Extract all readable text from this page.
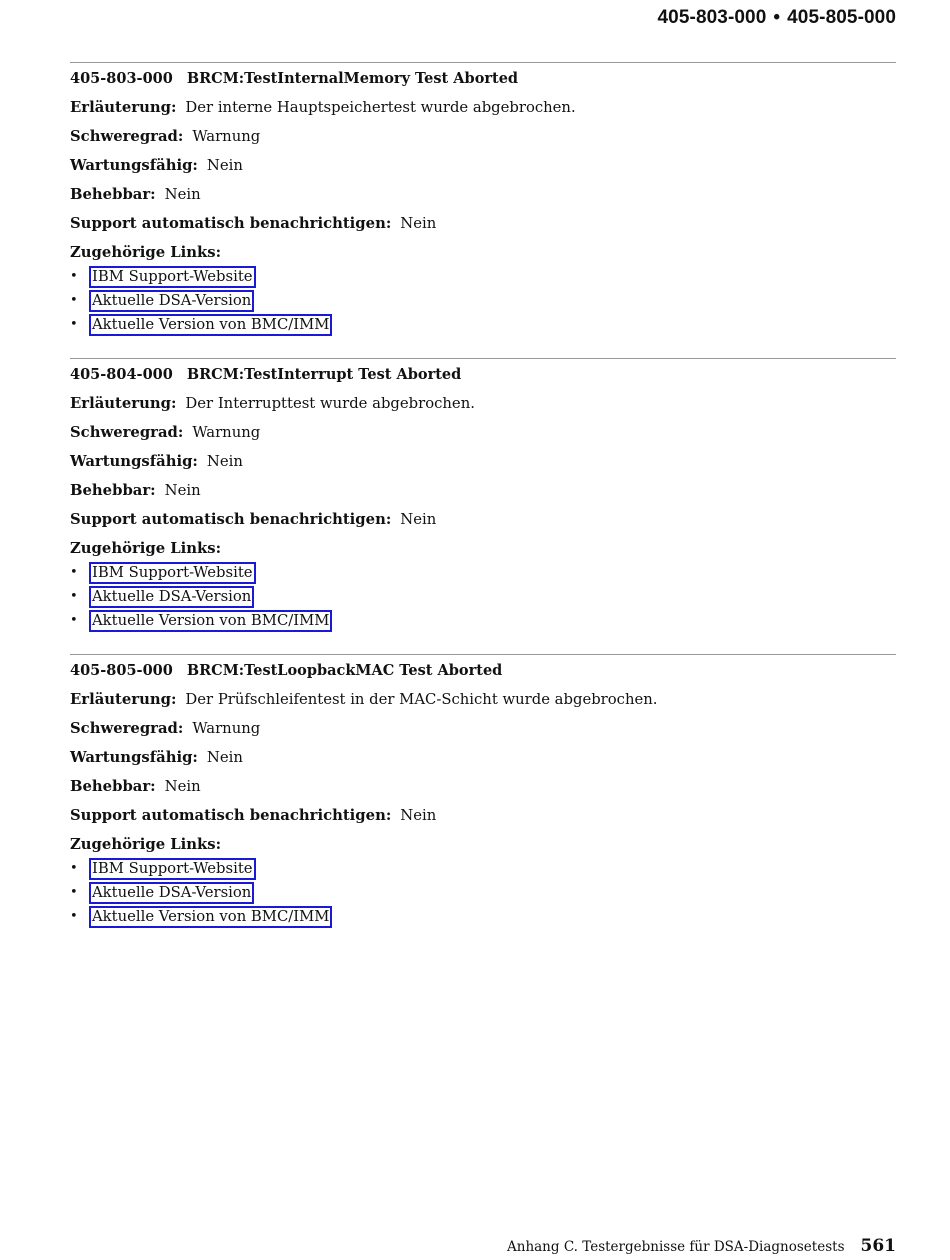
405-803-000 • 405-805-000
405-803-000 BRCM:TestInternalMemory Test Aborted
Erläuterung: Der interne Hauptspeichertest wurde abgebrochen.
Schweregrad: Warnung
Wartungsfähig: Nein
Behebbar: Nein
Support automatisch benachrichtigen: Nein
Zugehörige Links:
• IBM Support-Website
• Aktuelle DSA-Version
• Aktuelle Version von BMC/IMM
405-804-000 BRCM:TestInterrupt Test Aborted
Erläuterung: Der Interrupttest wurde abgebrochen.
Schweregrad: Warnung
Wartungsfähig: Nein
Behebbar: Nein
Support automatisch benachrichtigen: Nein
Zugehörige Links:
• IBM Support-Website
• Aktuelle DSA-Version
• Aktuelle Version von BMC/IMM
405-805-000 BRCM:TestLoopbackMAC Test Aborted
Erläuterung: Der Prüfschleifentest in der MAC-Schicht wurde abgebrochen.
Schweregrad: Warnung
Wartungsfähig: Nein
Behebbar: Nein
Support automatisch benachrichtigen: Nein
Zugehörige Links:
• IBM Support-Website
• Aktuelle DSA-Version
• Aktuelle Version von BMC/IMM
Anhang C. Testergebnisse für DSA-Diagnosetests 561
